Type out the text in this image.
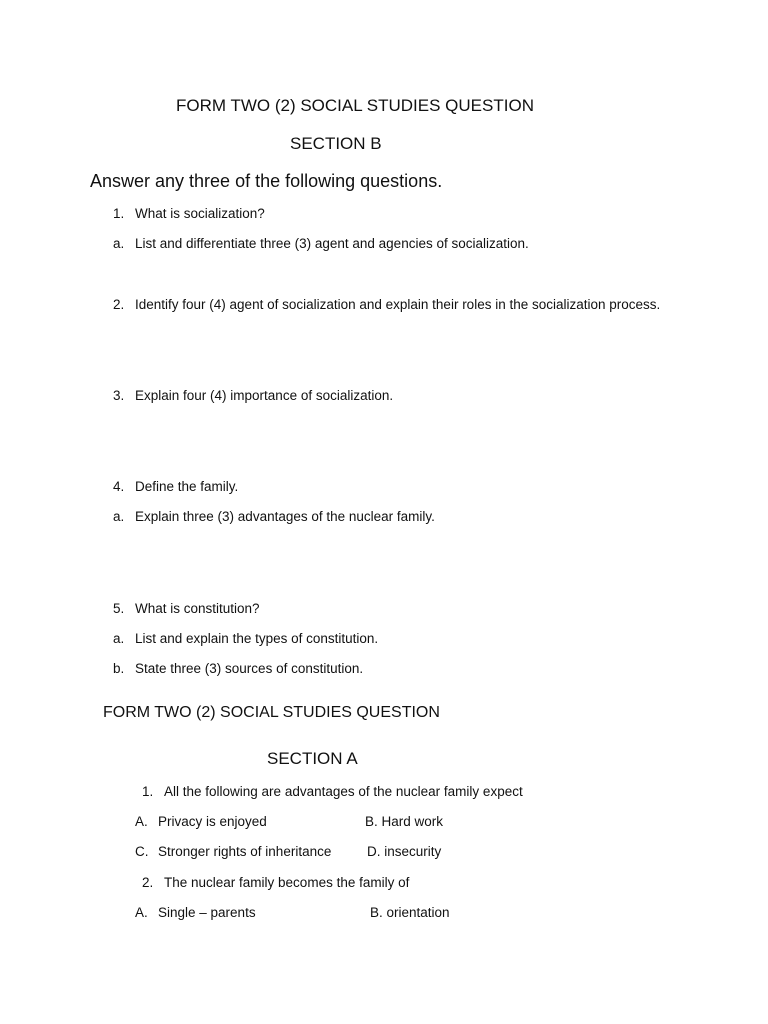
FORM TWO (2) SOCIAL STUDIES QUESTION
SECTION B
Answer any three of the following questions.
1. What is socialization?
a. List and differentiate three (3) agent and agencies of socialization.
2. Identify four (4) agent of socialization and explain their roles in the socialization process.
3. Explain four (4) importance of socialization.
4. Define the family.
a. Explain three (3) advantages of the nuclear family.
5. What is constitution?
a. List and explain the types of constitution.
b. State three (3) sources of constitution.
FORM TWO (2) SOCIAL STUDIES QUESTION
SECTION A
1. All the following are advantages of the nuclear family expect
A. Privacy is enjoyed	B. Hard work
C. Stronger rights of inheritance	D. insecurity
2. The nuclear family becomes the family of
A. Single – parents	B. orientation
